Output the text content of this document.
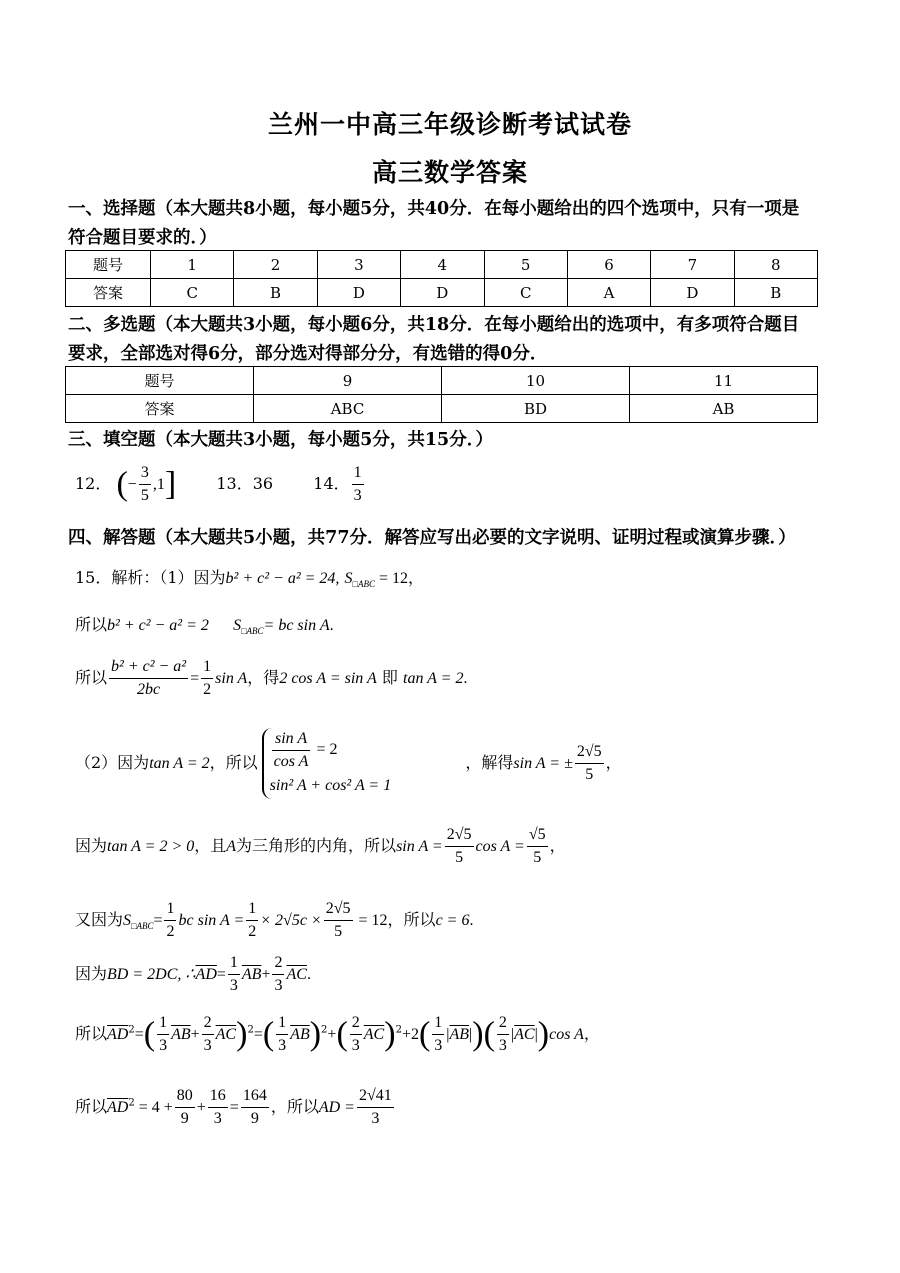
兰州一中高三年级诊断考试试卷
高三数学答案
一、选择题（本大题共8小题，每小题5分，共40分．在每小题给出的四个选项中，只有一项是
符合题目要求的．）
题号	1	2	3	4	5	6	7	8
答案	C	B	D	D	C	A	D	B
二、多选题（本大题共3小题，每小题6分，共18分．在每小题给出的选项中，有多项符合题目
要求，全部选对得6分，部分选对得部分分，有选错的得0分．
题号	9	10	11
答案	ABC	BD	AB
三、填空题（本大题共3小题，每小题5分，共15分．）
12． (− $\frac{3}{5} ,1$]	13．36	14． $\frac{1}{3}$
四、解答题（本大题共5小题，共77分．解答应写出必要的文字说明、证明过程或演算步骤．）
15．解析：（1）因为b² + c² − a² = 24, $S_{□ABC} = 12$，
所以b² + c² − a² = 2 $S_{□ABC}=$ bc sin A.
所以 $\frac{\text{b² + c² − a²}}{2bc} = \frac{1}{2}$ sin A，得2 cos A = sin A 即 tan A = 2.
（2）因为tan A = 2，所以 $\frac{\text{sin A}}{\text{cos A}} = 2$
sin² A + cos² A = 1
，解得sin A = ± $\frac{2√5}{5}$ ，
因为tan A = 2 > 0，且A为三角形的内角，所以$\sin A = \frac{2√5}{5}$ $\cos A = \frac{√5}{5}$ ，
又因为$S_{□ABC}= \frac{1}{2}$ bc $\sin A = \frac{1}{2} \times 2√5c \times \frac{2√5}{5} = 12$，所以c = 6.
因为BD = 2DC, $\therefore\overline{AD}= \frac{1}{3} \overline{AB}+ \frac{2}{3} \overline{AC}$.
所以$\overline{AD}^2=( \frac{1}{3} \overline{AB}+ \frac{2}{3} \overline{AC})^2=( \frac{1}{3} \overline{AB})^2+( \frac{2}{3} \overline{AC})^2+2( \frac{1}{3} |\overline{AB}|)( \frac{2}{3} |\overline{AC}|)\cos$ A，
所以$\overline{AD}^2 = 4 + \frac{80}{9} + \frac{16}{3} = \frac{164}{9}$ ，所以AD = $\frac{2√41}{3}$
